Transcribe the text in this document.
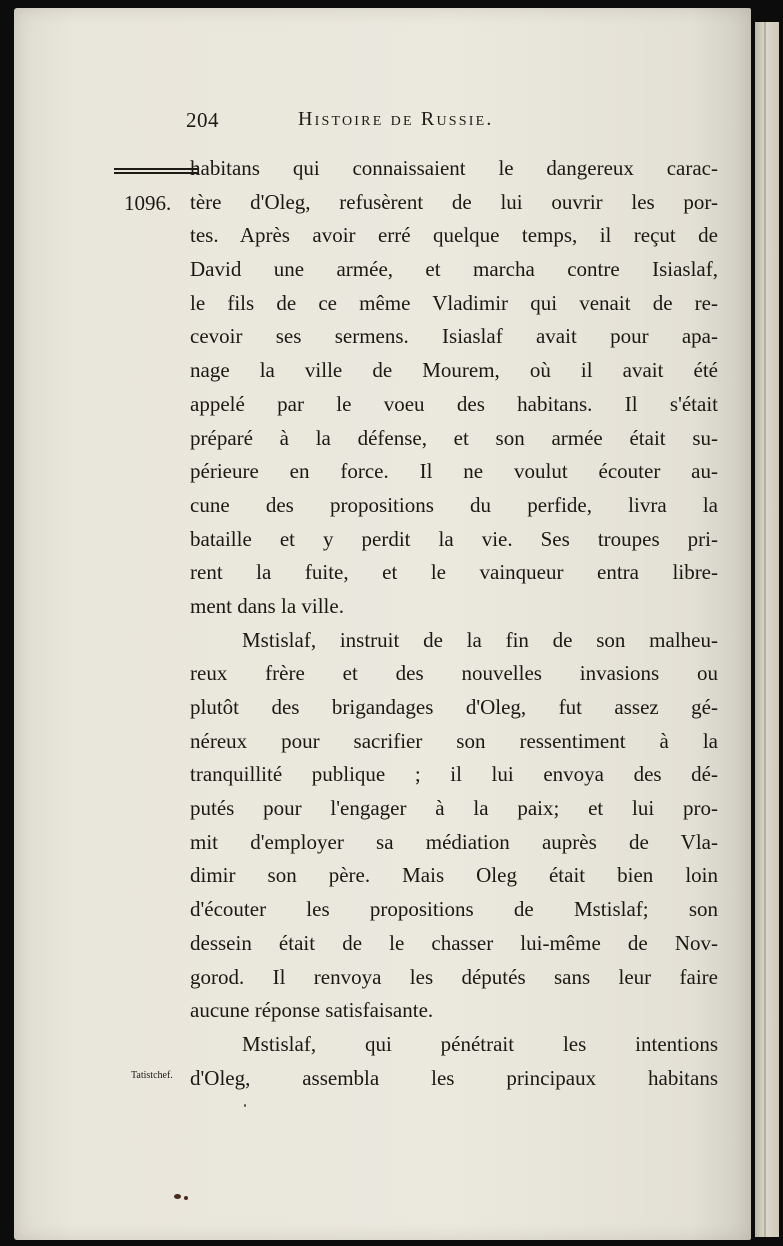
204	Histoire de Russie.
1096.
Tatistchef.
habitans qui connaissaient le dangereux carac-
tère d'Oleg, refusèrent de lui ouvrir les por-
tes. Après avoir erré quelque temps, il reçut de
David une armée, et marcha contre Isiaslaf,
le fils de ce même Vladimir qui venait de re-
cevoir ses sermens. Isiaslaf avait pour apa-
nage la ville de Mourem, où il avait été
appelé par le voeu des habitans. Il s'était
préparé à la défense, et son armée était su-
périeure en force. Il ne voulut écouter au-
cune des propositions du perfide, livra la
bataille et y perdit la vie. Ses troupes pri-
rent la fuite, et le vainqueur entra libre-
ment dans la ville.
Mstislaf, instruit de la fin de son malheu-
reux frère et des nouvelles invasions ou
plutôt des brigandages d'Oleg, fut assez gé-
néreux pour sacrifier son ressentiment à la
tranquillité publique ; il lui envoya des dé-
putés pour l'engager à la paix; et lui pro-
mit d'employer sa médiation auprès de Vla-
dimir son père. Mais Oleg était bien loin
d'écouter les propositions de Mstislaf; son
dessein était de le chasser lui-même de Nov-
gorod. Il renvoya les députés sans leur faire
aucune réponse satisfaisante.
Mstislaf, qui pénétrait les intentions
d'Oleg, assembla les principaux habitans
